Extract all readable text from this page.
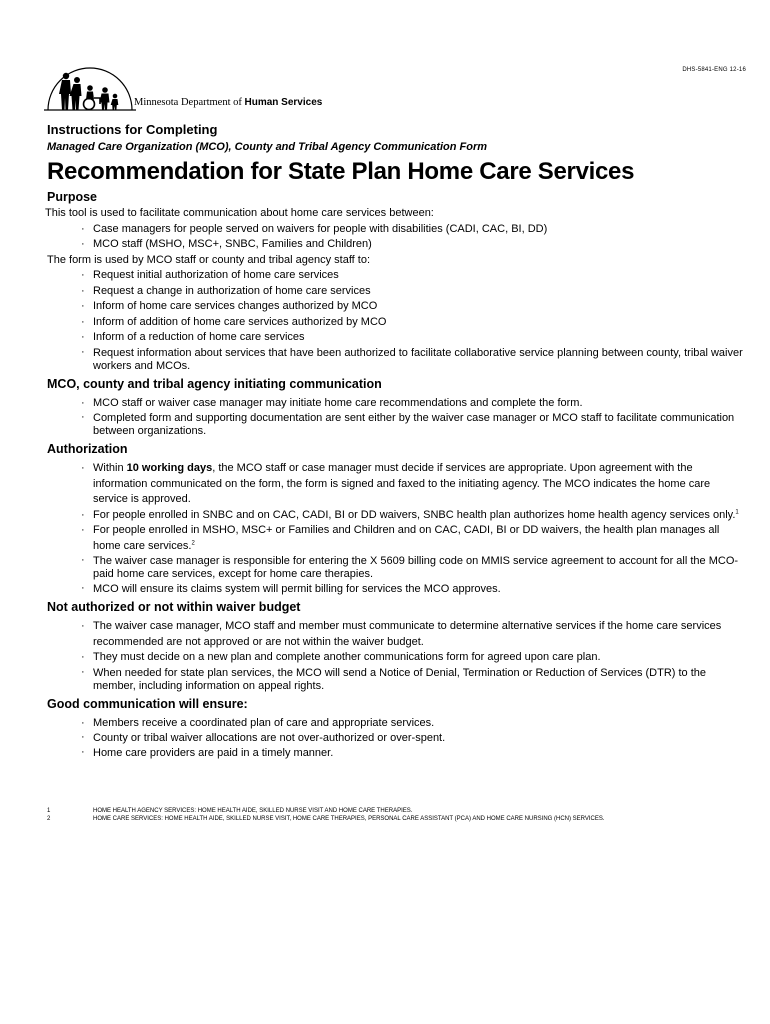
DHS-5841-ENG 12-16
Minnesota Department of Human Services
Instructions for Completing
Managed Care Organization (MCO), County and Tribal Agency Communication Form
Recommendation for State Plan Home Care Services
Purpose
This tool is used to facilitate communication about home care services between:
· Case managers for people served on waivers for people with disabilities (CADI, CAC, BI, DD)
· MCO staff (MSHO, MSC+, SNBC, Families and Children)
The form is used by MCO staff or county and tribal agency staff to:
· Request initial authorization of home care services
· Request a change in authorization of home care services
· Inform of home care services changes authorized by MCO
· Inform of addition of home care services authorized by MCO
· Inform of a reduction of home care services
· Request information about services that have been authorized to facilitate collaborative service planning between county, tribal waiver workers and MCOs.
MCO, county and tribal agency initiating communication
· MCO staff or waiver case manager may initiate home care recommendations and complete the form.
· Completed form and supporting documentation are sent either by the waiver case manager or MCO staff to facilitate communication between organizations.
Authorization
· Within 10 working days, the MCO staff or case manager must decide if services are appropriate. Upon agreement with the information communicated on the form, the form is signed and faxed to the initiating agency. The MCO indicates the home care service is approved.
· For people enrolled in SNBC and on CAC, CADI, BI or DD waivers, SNBC health plan authorizes home health agency services only.$^1$
· For people enrolled in MSHO, MSC+ or Families and Children and on CAC, CADI, BI or DD waivers, the health plan manages all home care services.$^2$
· The waiver case manager is responsible for entering the X 5609 billing code on MMIS service agreement to account for all the MCO-paid home care services, except for home care therapies.
· MCO will ensure its claims system will permit billing for services the MCO approves.
Not authorized or not within waiver budget
· The waiver case manager, MCO staff and member must communicate to determine alternative services if the home care services recommended are not approved or are not within the waiver budget.
· They must decide on a new plan and complete another communications form for agreed upon care plan.
· When needed for state plan services, the MCO will send a Notice of Denial, Termination or Reduction of Services (DTR) to the member, including information on appeal rights.
Good communication will ensure:
· Members receive a coordinated plan of care and appropriate services.
· County or tribal waiver allocations are not over-authorized or over-spent.
· Home care providers are paid in a timely manner.
1	HOME HEALTH AGENCY SERVICES: HOME HEALTH AIDE, SKILLED NURSE VISIT AND HOME CARE THERAPIES.
2	HOME CARE SERVICES: HOME HEALTH AIDE, SKILLED NURSE VISIT, HOME CARE THERAPIES, PERSONAL CARE ASSISTANT (PCA) AND HOME CARE NURSING (HCN) SERVICES.
